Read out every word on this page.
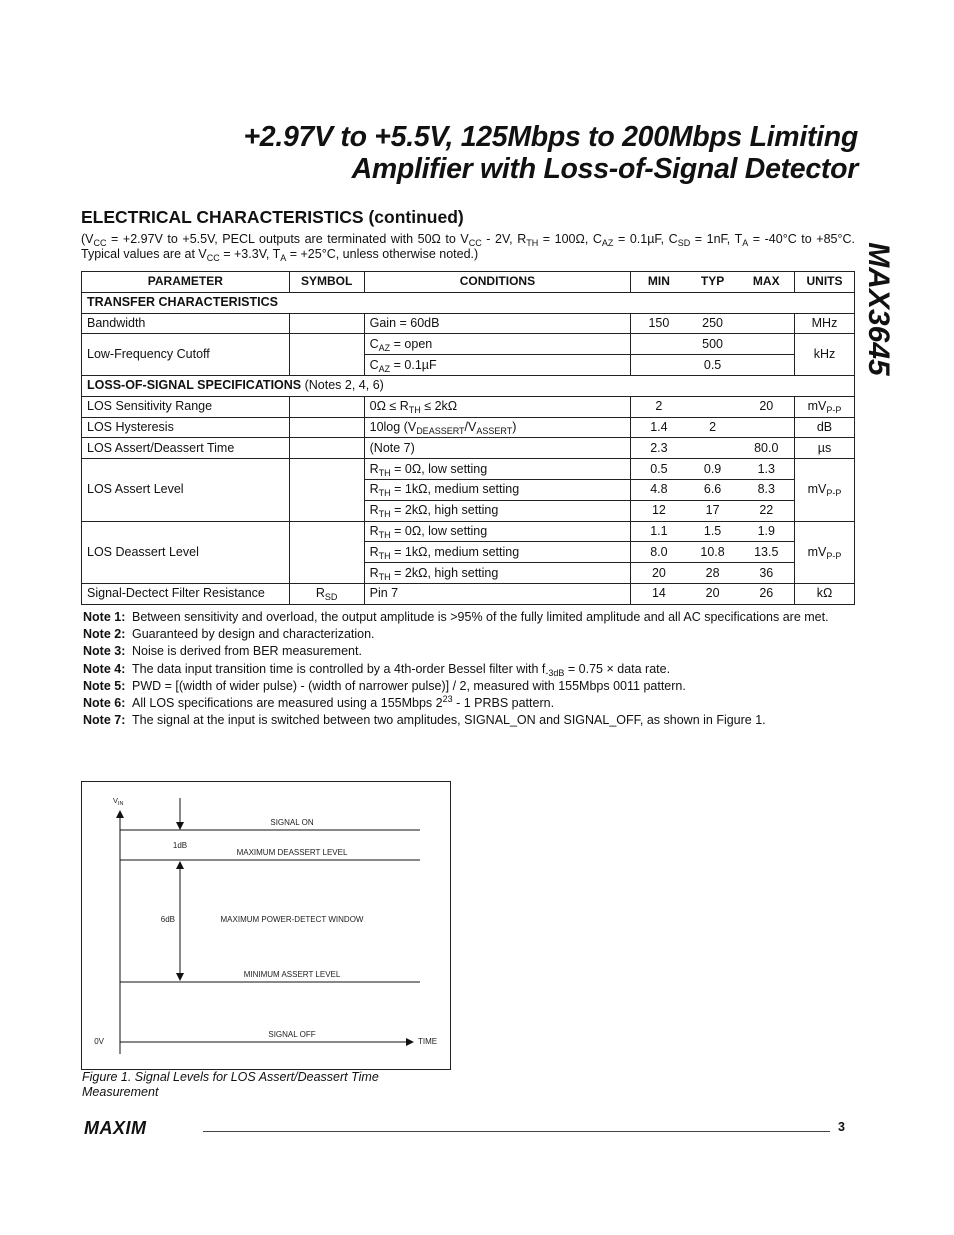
+2.97V to +5.5V, 125Mbps to 200Mbps Limiting
Amplifier with Loss-of-Signal Detector
MAX3645
ELECTRICAL CHARACTERISTICS (continued)
($V_{CC} = +2.97V$ to +5.5V, PECL outputs are terminated with 50Ω to $V_{CC} - 2V$, $R_{TH} = 100\Omega$, $C_{AZ} = 0.1\mu F$, $C_{SD} = 1nF$, $T_A = -40^\circ C$ to +85°C. Typical values are at $V_{CC} = +3.3V$, $T_A = +25^\circ C$, unless otherwise noted.)
PARAMETER	SYMBOL	CONDITIONS	MIN	TYP	MAX	UNITS
TRANSFER CHARACTERISTICS						
Bandwidth		Gain = 60dB	150	250		MHz
Low-Frequency Cutoff		$C_{AZ}$ = open		500		kHz
		$C_{AZ} = 0.1\mu F$		0.5		
LOSS-OF-SIGNAL SPECIFICATIONS (Notes 2, 4, 6)						
LOS Sensitivity Range		$0\Omega \le R_{TH} \le 2k\Omega$	2		20	$mV_{P-P}$
LOS Hysteresis		10log $(V_{DEASSERT}/V_{ASSERT})$	1.4	2		dB
LOS Assert/Deassert Time		(Note 7)	2.3		80.0	µs
LOS Assert Level		$R_{TH} = 0\Omega$, low setting	0.5	0.9	1.3	$mV_{P-P}$
		$R_{TH} = 1k\Omega$, medium setting	4.8	6.6	8.3	
		$R_{TH} = 2k\Omega$, high setting	12	17	22	
LOS Deassert Level		$R_{TH} = 0\Omega$, low setting	1.1	1.5	1.9	$mV_{P-P}$
		$R_{TH} = 1k\Omega$, medium setting	8.0	10.8	13.5	
		$R_{TH} = 2k\Omega$, high setting	20	28	36	
Signal-Dectect Filter Resistance	$R_{SD}$	Pin 7	14	20	26	kΩ
Note 1: Between sensitivity and overload, the output amplitude is >95% of the fully limited amplitude and all AC specifications are met.
Note 2: Guaranteed by design and characterization.
Note 3: Noise is derived from BER measurement.
Note 4: The data input transition time is controlled by a 4th-order Bessel filter with $f_{-3dB} = 0.75$ × data rate.
Note 5: PWD = [(width of wider pulse) - (width of narrower pulse)] / 2, measured with 155Mbps 0011 pattern.
Note 6: All LOS specifications are measured using a 155Mbps $2^{23} - 1$ PRBS pattern.
Note 7: The signal at the input is switched between two amplitudes, SIGNAL_ON and SIGNAL_OFF, as shown in Figure 1.
$V_{IN}$
SIGNAL ON
1dB
MAXIMUM DEASSERT LEVEL
6dB	MAXIMUM POWER-DETECT WINDOW
MINIMUM ASSERT LEVEL
SIGNAL OFF
0V	TIME
Figure 1. Signal Levels for LOS Assert/Deassert Time Measurement
MAXIM	3
